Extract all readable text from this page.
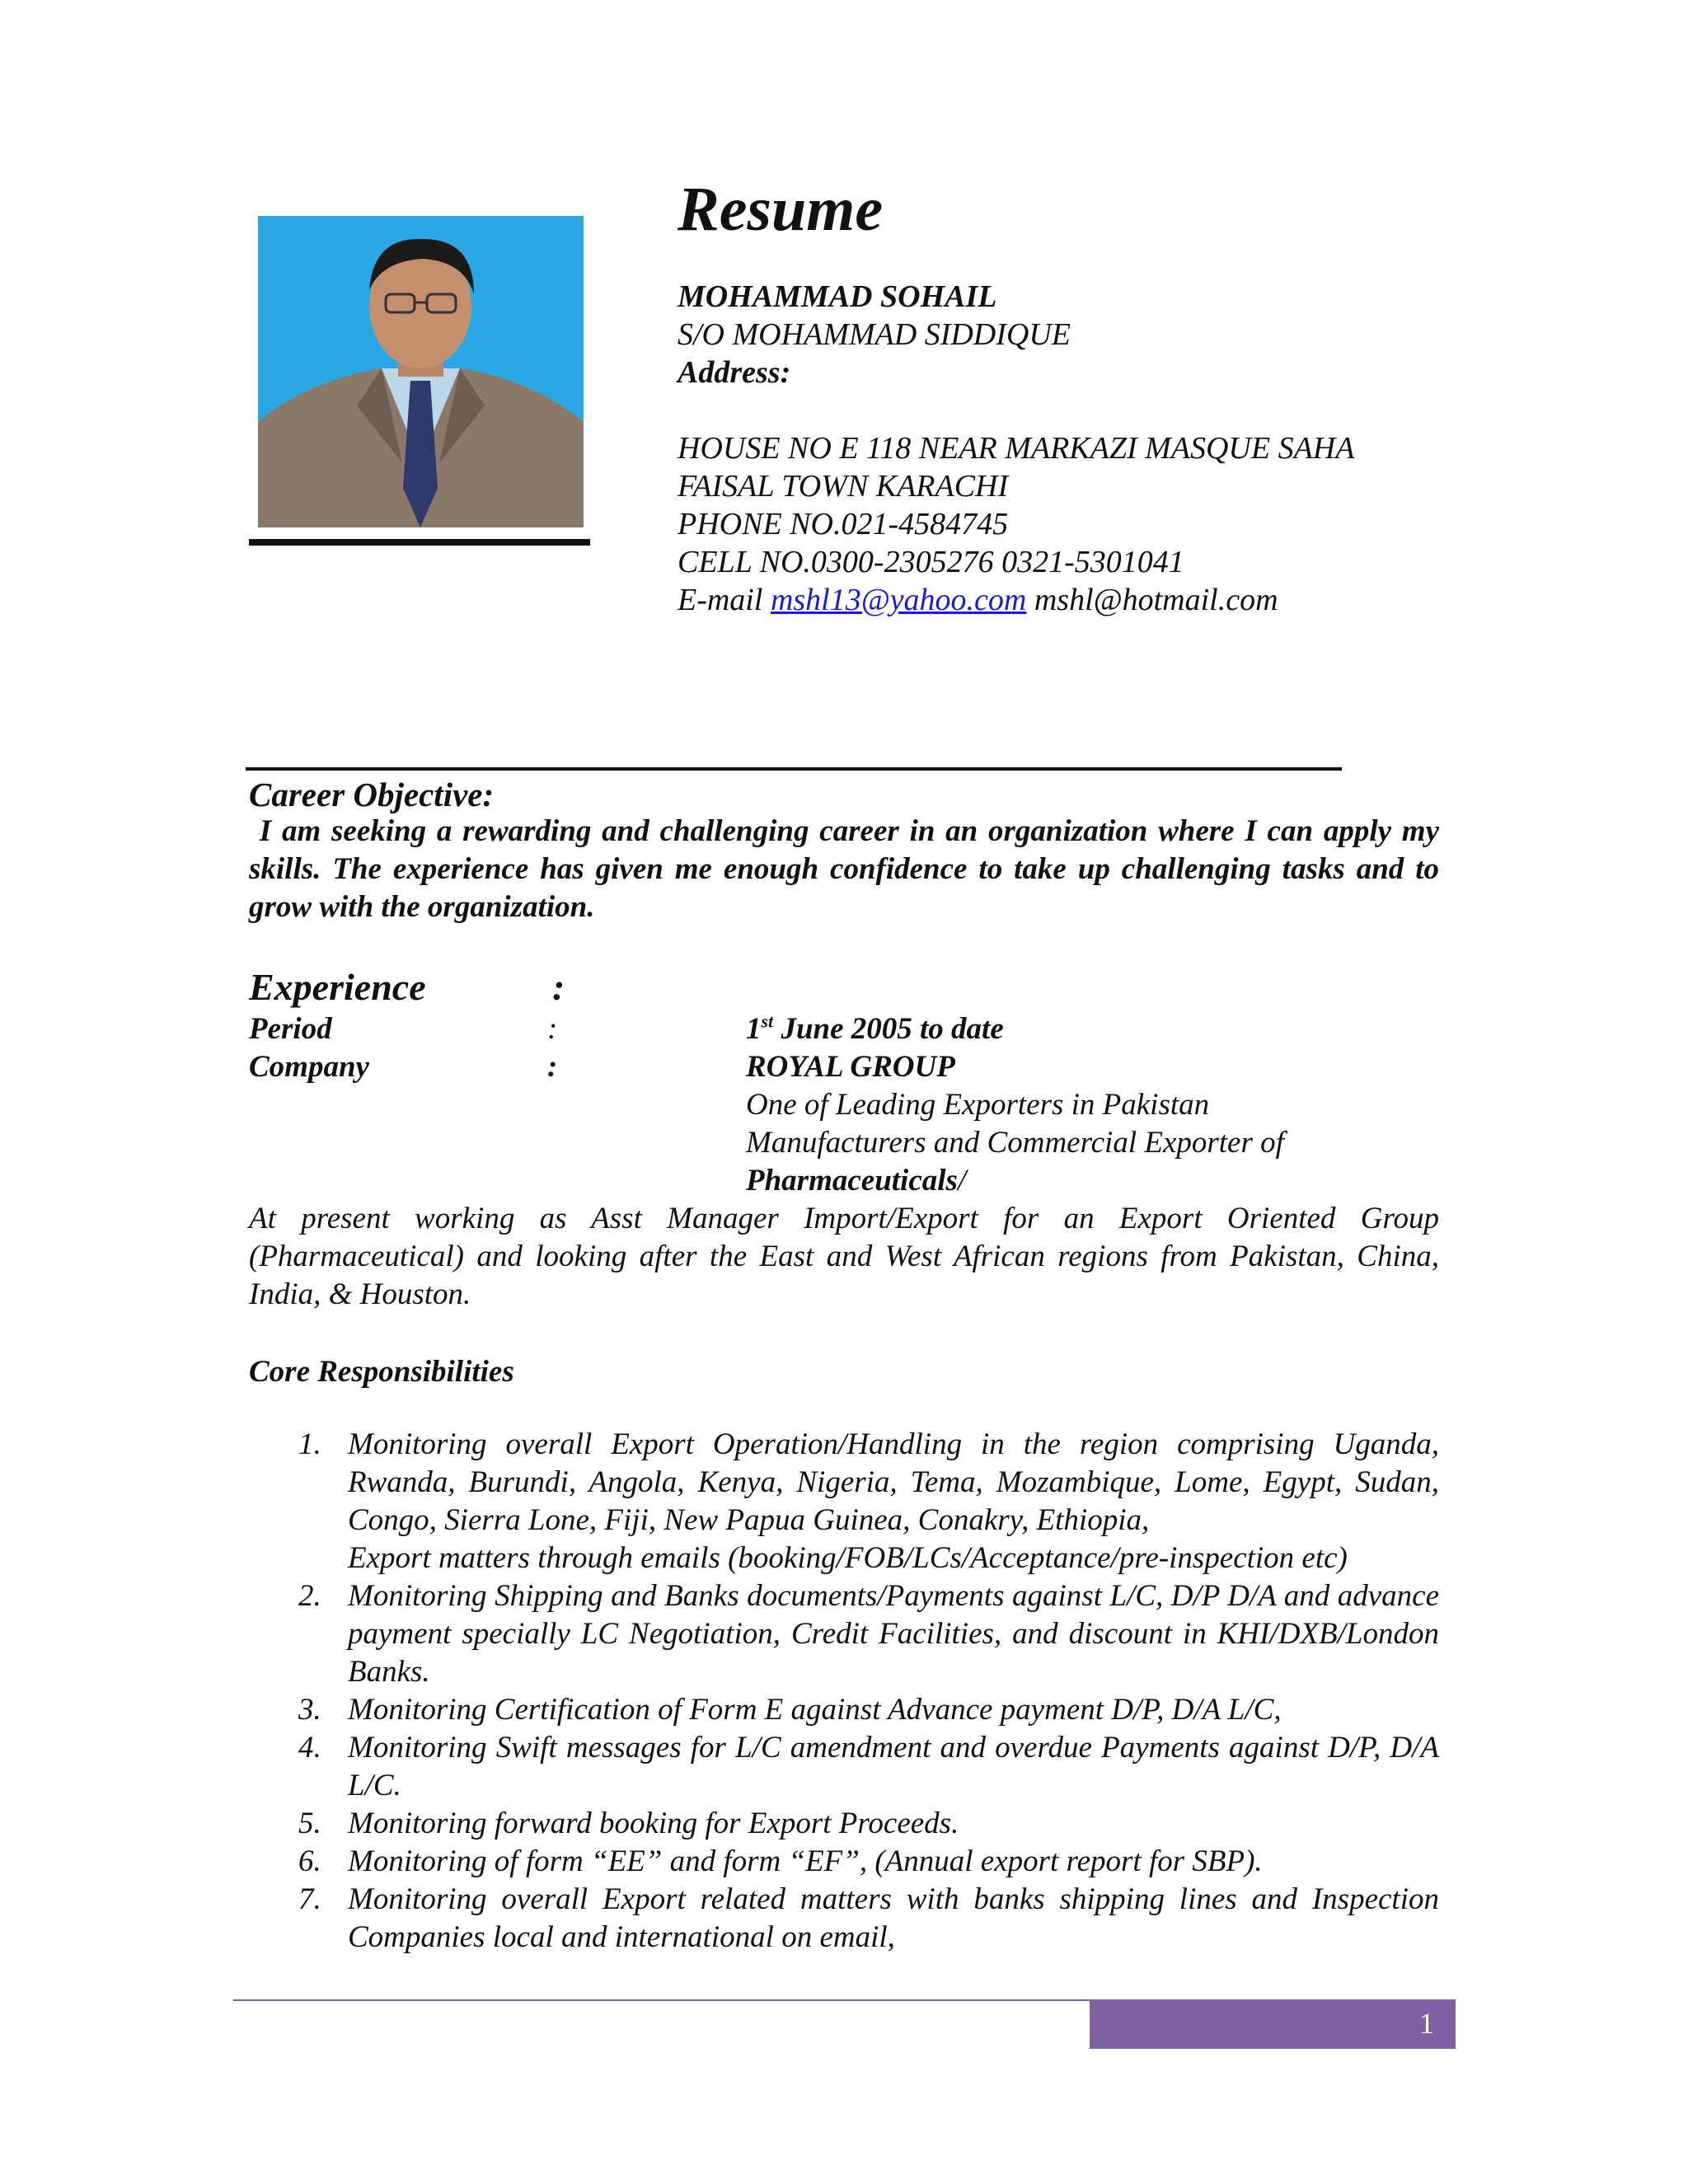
Resume
MOHAMMAD SOHAIL
S/O MOHAMMAD SIDDIQUE
Address:
HOUSE NO E 118 NEAR MARKAZI MASQUE SAHA
FAISAL TOWN KARACHI
PHONE NO.021-4584745
CELL NO.0300-2305276 0321-5301041
E-mail mshl13@yahoo.com mshl@hotmail.com
Career Objective:
I am seeking a rewarding and challenging career in an organization where I can apply my skills. The experience has given me enough confidence to take up challenging tasks and to grow with the organization.
Experience	:
Period	:	1st June 2005 to date
Company	:	ROYAL GROUP
One of Leading Exporters in Pakistan
Manufacturers and Commercial Exporter of
Pharmaceuticals/
At present working as Asst Manager Import/Export for an Export Oriented Group (Pharmaceutical) and looking after the East and West African regions from Pakistan, China, India, & Houston.
Core Responsibilities
1. Monitoring overall Export Operation/Handling in the region comprising Uganda, Rwanda, Burundi, Angola, Kenya, Nigeria, Tema, Mozambique, Lome, Egypt, Sudan, Congo, Sierra Lone, Fiji, New Papua Guinea, Conakry, Ethiopia,
Export matters through emails (booking/FOB/LCs/Acceptance/pre-inspection etc)
2. Monitoring Shipping and Banks documents/Payments against L/C, D/P D/A and advance payment specially LC Negotiation, Credit Facilities, and discount in KHI/DXB/London Banks.
3. Monitoring Certification of Form E against Advance payment D/P, D/A L/C,
4. Monitoring Swift messages for L/C amendment and overdue Payments against D/P, D/A L/C.
5. Monitoring forward booking for Export Proceeds.
6. Monitoring of form “EE” and form “EF”, (Annual export report for SBP).
7. Monitoring overall Export related matters with banks shipping lines and Inspection Companies local and international on email,
1
